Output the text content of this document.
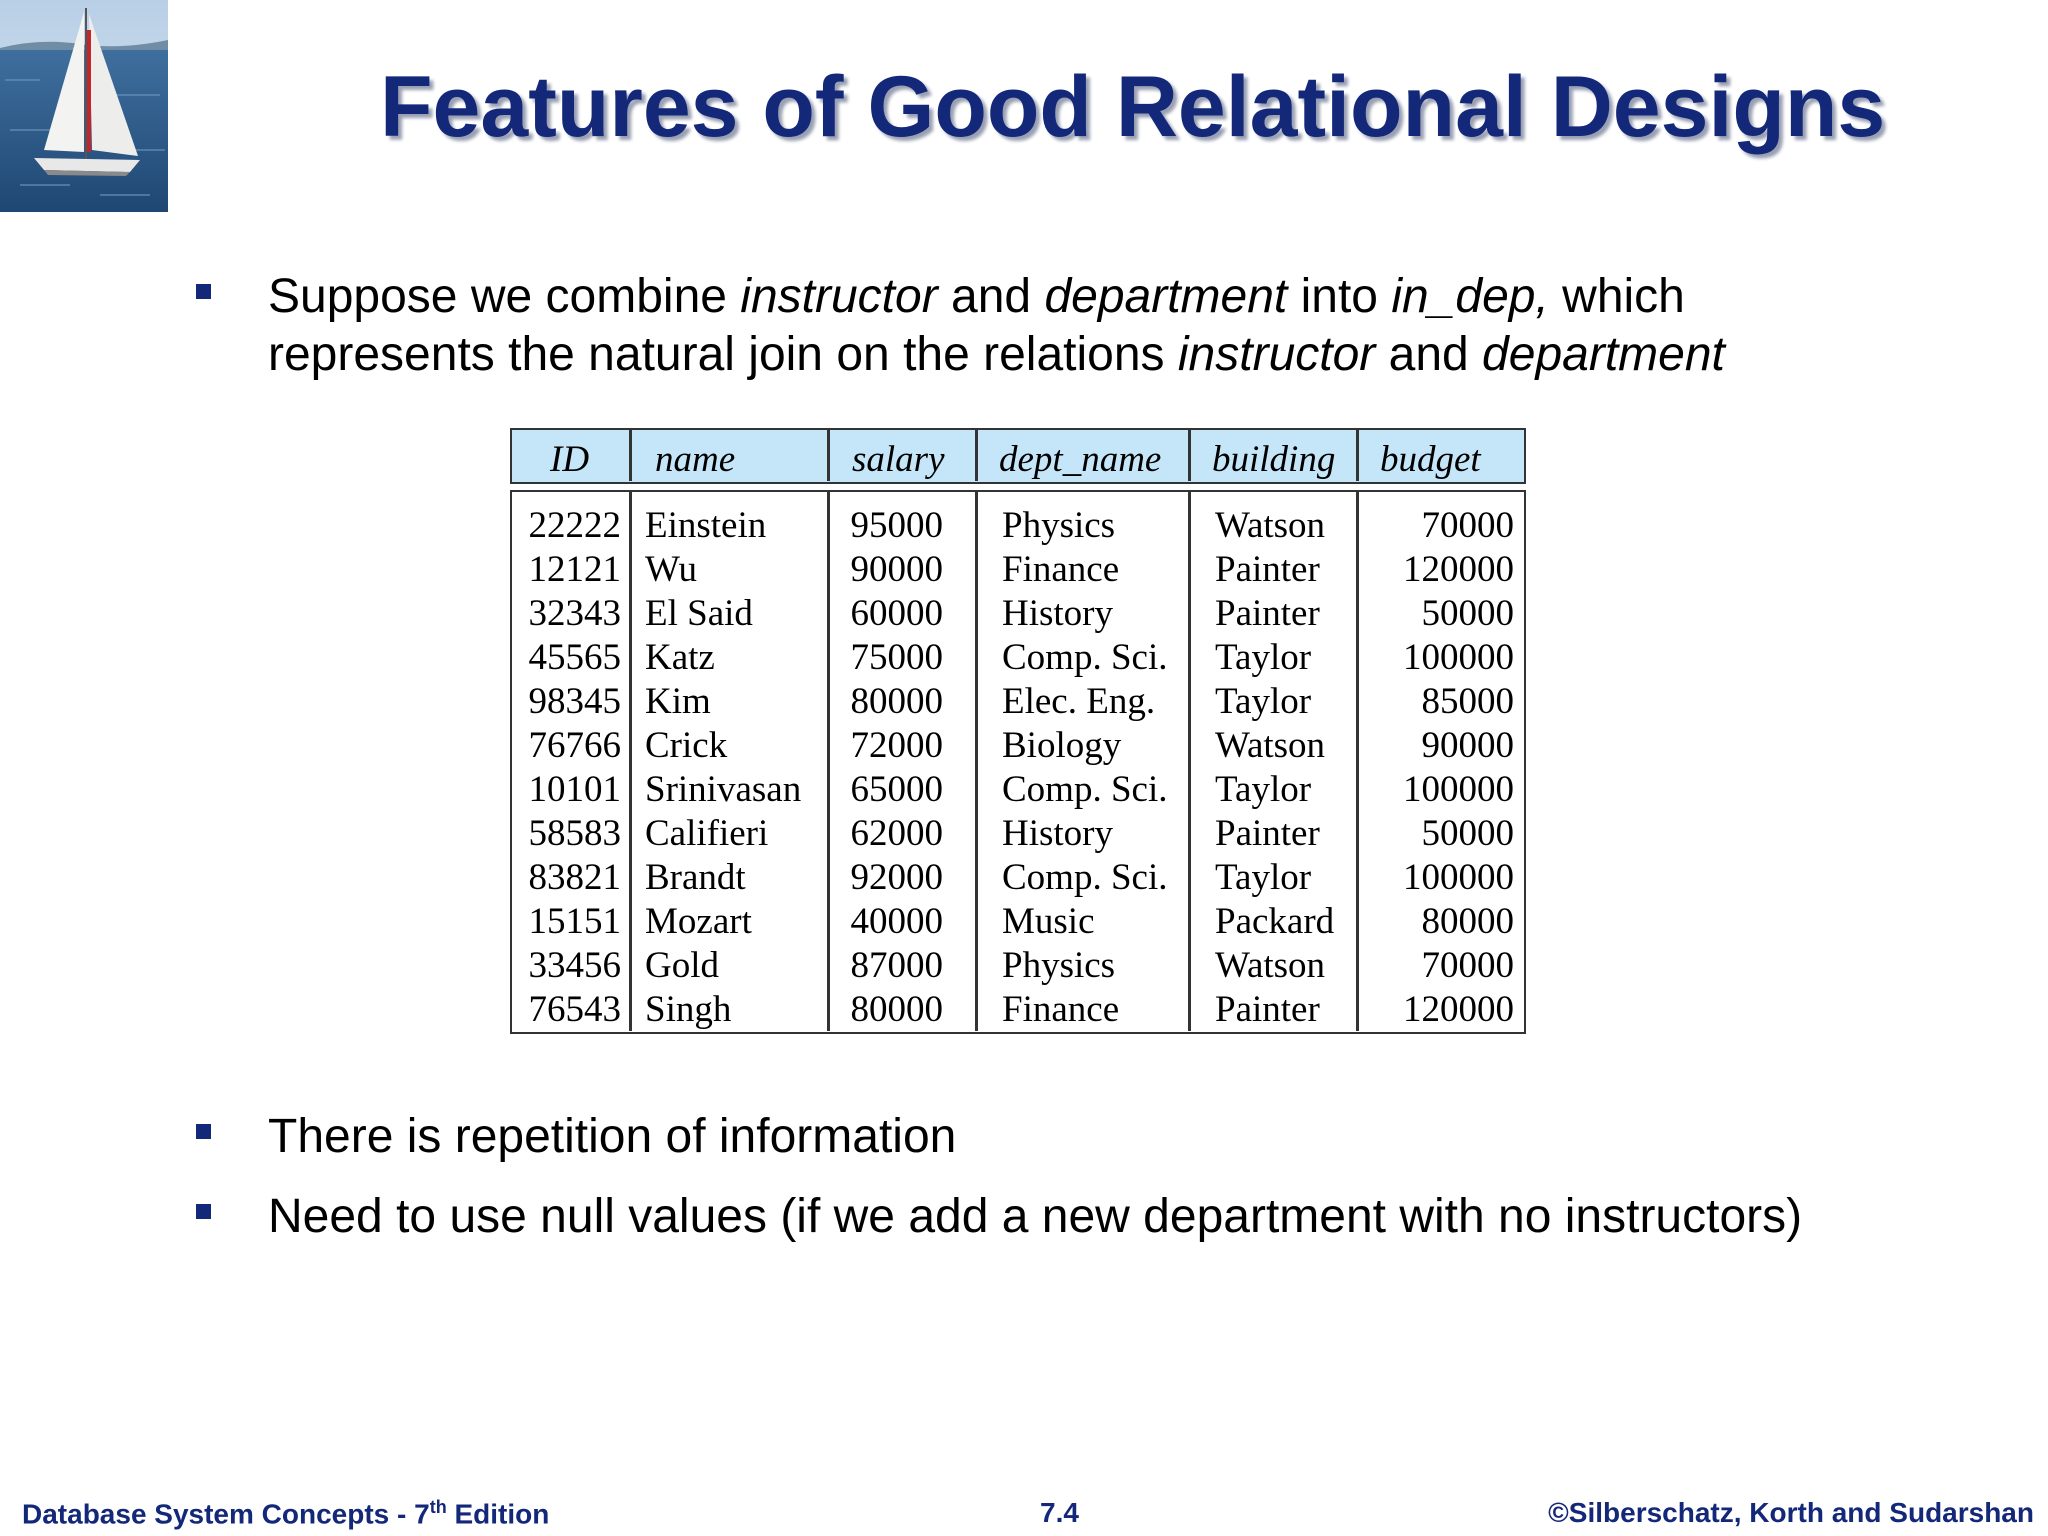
Features of Good Relational Designs
Suppose we combine instructor and department into in_dep, which
represents the natural join on the relations instructor and department
ID name	salary dept_name building budget
22222 Einstein 95000 Physics	Watson	70000
12121 Wu	90000 Finance	Painter 120000
32343 El Said	60000 History	Painter	50000
45565 Katz	75000 Comp. Sci. Taylor 100000
98345 Kim	80000 Elec. Eng. Taylor	85000
76766 Crick	72000 Biology	Watson	90000
10101 Srinivasan 65000 Comp. Sci. Taylor 100000
58583 Califieri 62000 History	Painter	50000
83821 Brandt	92000 Comp. Sci. Taylor 100000
15151 Mozart	40000 Music	Packard 80000
33456 Gold	87000 Physics	Watson	70000
76543 Singh	80000 Finance	Painter 120000
There is repetition of information
Need to use null values (if we add a new department with no instructors)
Database System Concepts - 7th Edition	7.4	©Silberschatz, Korth and Sudarshan
